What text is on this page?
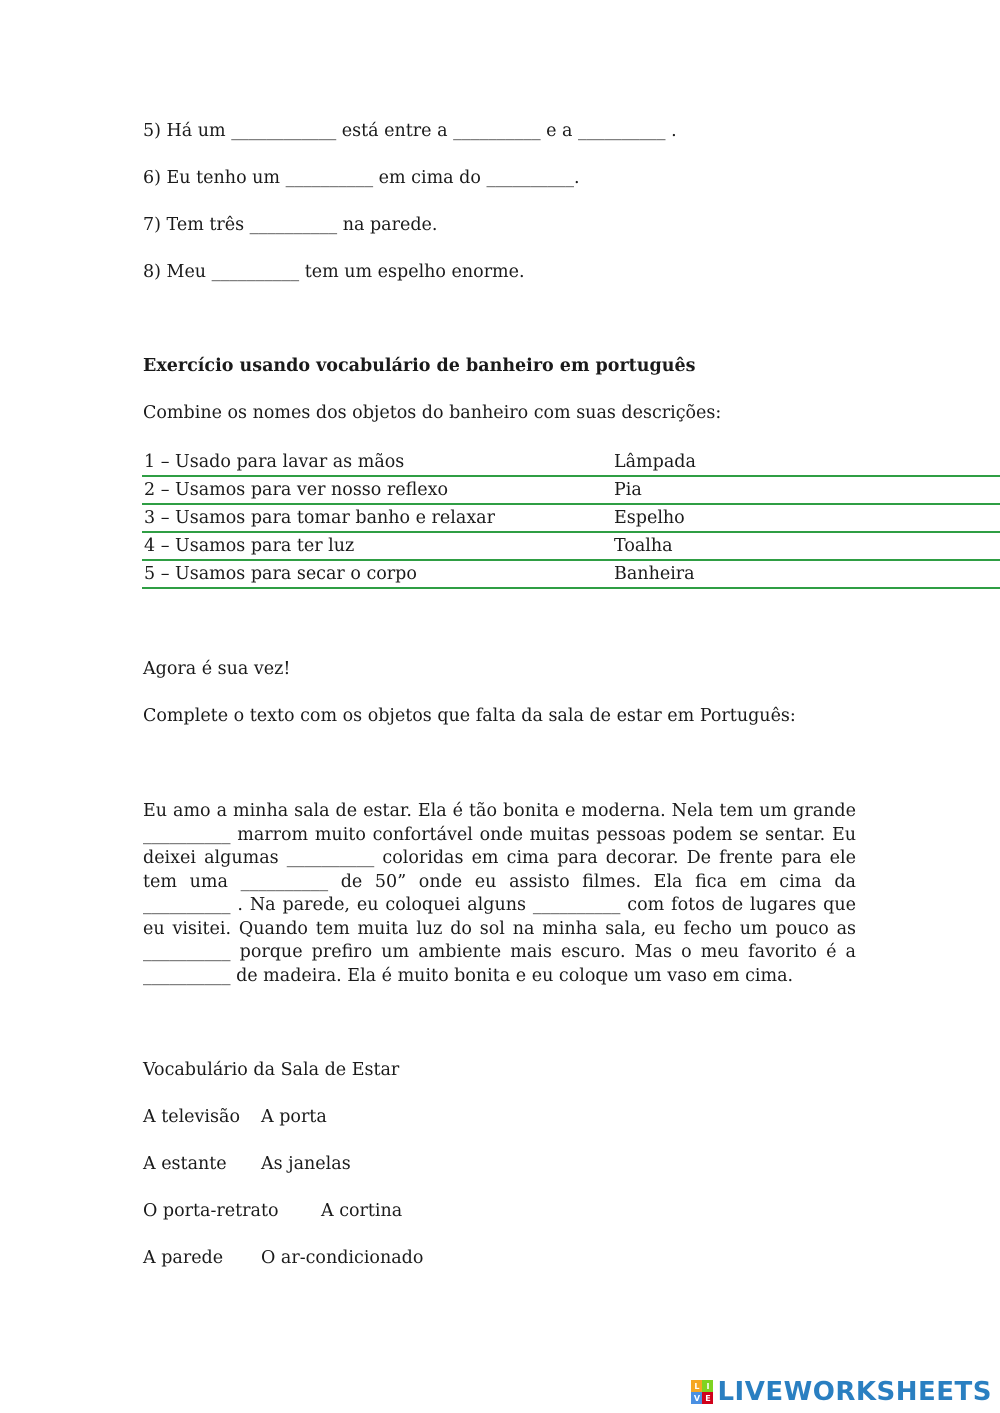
5) Há um ____________ está entre a __________ e a __________ .
6) Eu tenho um __________ em cima do __________.
7) Tem três __________ na parede.
8) Meu __________ tem um espelho enorme.
Exercício usando vocabulário de banheiro em português
Combine os nomes dos objetos do banheiro com suas descrições:
1 – Usado para lavar as mãos	Lâmpada
2 – Usamos para ver nosso reflexo	Pia
3 – Usamos para tomar banho e relaxar	Espelho
4 – Usamos para ter luz	Toalha
5 – Usamos para secar o corpo	Banheira
Agora é sua vez!
Complete o texto com os objetos que falta da sala de estar em Português:
Eu amo a minha sala de estar. Ela é tão bonita e moderna. Nela tem um grande __________ marrom muito confortável onde muitas pessoas podem se sentar. Eu deixei algumas __________ coloridas em cima para decorar. De frente para ele tem uma __________ de 50” onde eu assisto filmes. Ela fica em cima da __________ . Na parede, eu coloquei alguns __________ com fotos de lugares que eu visitei. Quando tem muita luz do sol na minha sala, eu fecho um pouco as __________ porque prefiro um ambiente mais escuro. Mas o meu favorito é a __________ de madeira. Ela é muito bonita e eu coloque um vaso em cima.
Vocabulário da Sala de Estar
A televisão A porta
A estante As janelas
O porta-retrato A cortina
A parede O ar-condicionado
L I
V E LIVEWORKSHEETS
